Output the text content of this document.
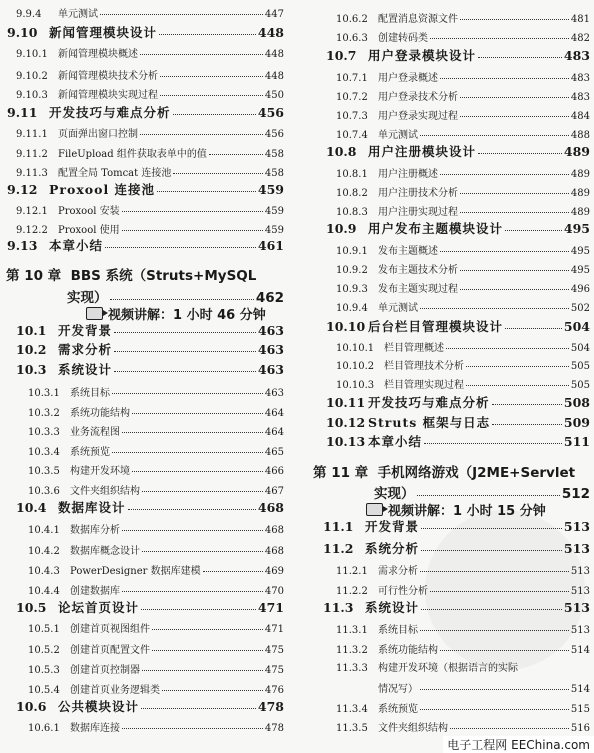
9.9.4	单元测试	447
9.10 新闻管理模块设计	448
9.10.1	新闻管理模块概述	448
9.10.2	新闻管理模块技术分析	448
9.10.3	新闻管理模块实现过程	450
9.11 开发技巧与难点分析	456
9.11.1	页面弹出窗口控制	456
9.11.2	FileUpload 组件获取表单中的值	458
9.11.3	配置全局 Tomcat 连接池	458
9.12 Proxool 连接池	459
9.12.1	Proxool 安装	459
9.12.2	Proxool 使用	459
9.13 本章小结	461
第 10 章 BBS 系统（Struts+MySQL
实现）	462
视频讲解：1 小时 46 分钟
10.1 开发背景	463
10.2 需求分析	463
10.3 系统设计	463
10.3.1	系统目标	463
10.3.2	系统功能结构	464
10.3.3	业务流程图	464
10.3.4	系统预览	465
10.3.5	构建开发环境	466
10.3.6	文件夹组织结构	467
10.4 数据库设计	468
10.4.1	数据库分析	468
10.4.2	数据库概念设计	468
10.4.3	PowerDesigner 数据库建模	469
10.4.4	创建数据库	470
10.5 论坛首页设计	471
10.5.1	创建首页视图组件	471
10.5.2	创建首页配置文件	475
10.5.3	创建首页控制器	475
10.5.4	创建首页业务逻辑类	476
10.6 公共模块设计	478
10.6.1	数据库连接	478
10.6.2	配置消息资源文件	481
10.6.3	创建转码类	482
10.7 用户登录模块设计	483
10.7.1	用户登录概述	483
10.7.2	用户登录技术分析	483
10.7.3	用户登录实现过程	484
10.7.4	单元测试	488
10.8 用户注册模块设计	489
10.8.1	用户注册概述	489
10.8.2	用户注册技术分析	489
10.8.3	用户注册实现过程	489
10.9 用户发布主题模块设计	495
10.9.1	发布主题概述	495
10.9.2	发布主题技术分析	495
10.9.3	发布主题实现过程	496
10.9.4	单元测试	502
10.10 后台栏目管理模块设计	504
10.10.1 栏目管理概述	504
10.10.2 栏目管理技术分析	505
10.10.3 栏目管理实现过程	505
10.11 开发技巧与难点分析	508
10.12 Struts 框架与日志	509
10.13 本章小结	511
第 11 章 手机网络游戏（J2ME+Servlet
实现）	512
视频讲解：1 小时 15 分钟
11.1 开发背景	513
11.2 系统分析	513
11.2.1	需求分析	513
11.2.2	可行性分析	513
11.3 系统设计	513
11.3.1	系统目标	513
11.3.2	系统功能结构	514
11.3.3	构建开发环境（根据语言的实际
情况写）	514
11.3.4	系统预览	515
11.3.5	文件夹组织结构	516
电子工程网 EEChina.com
